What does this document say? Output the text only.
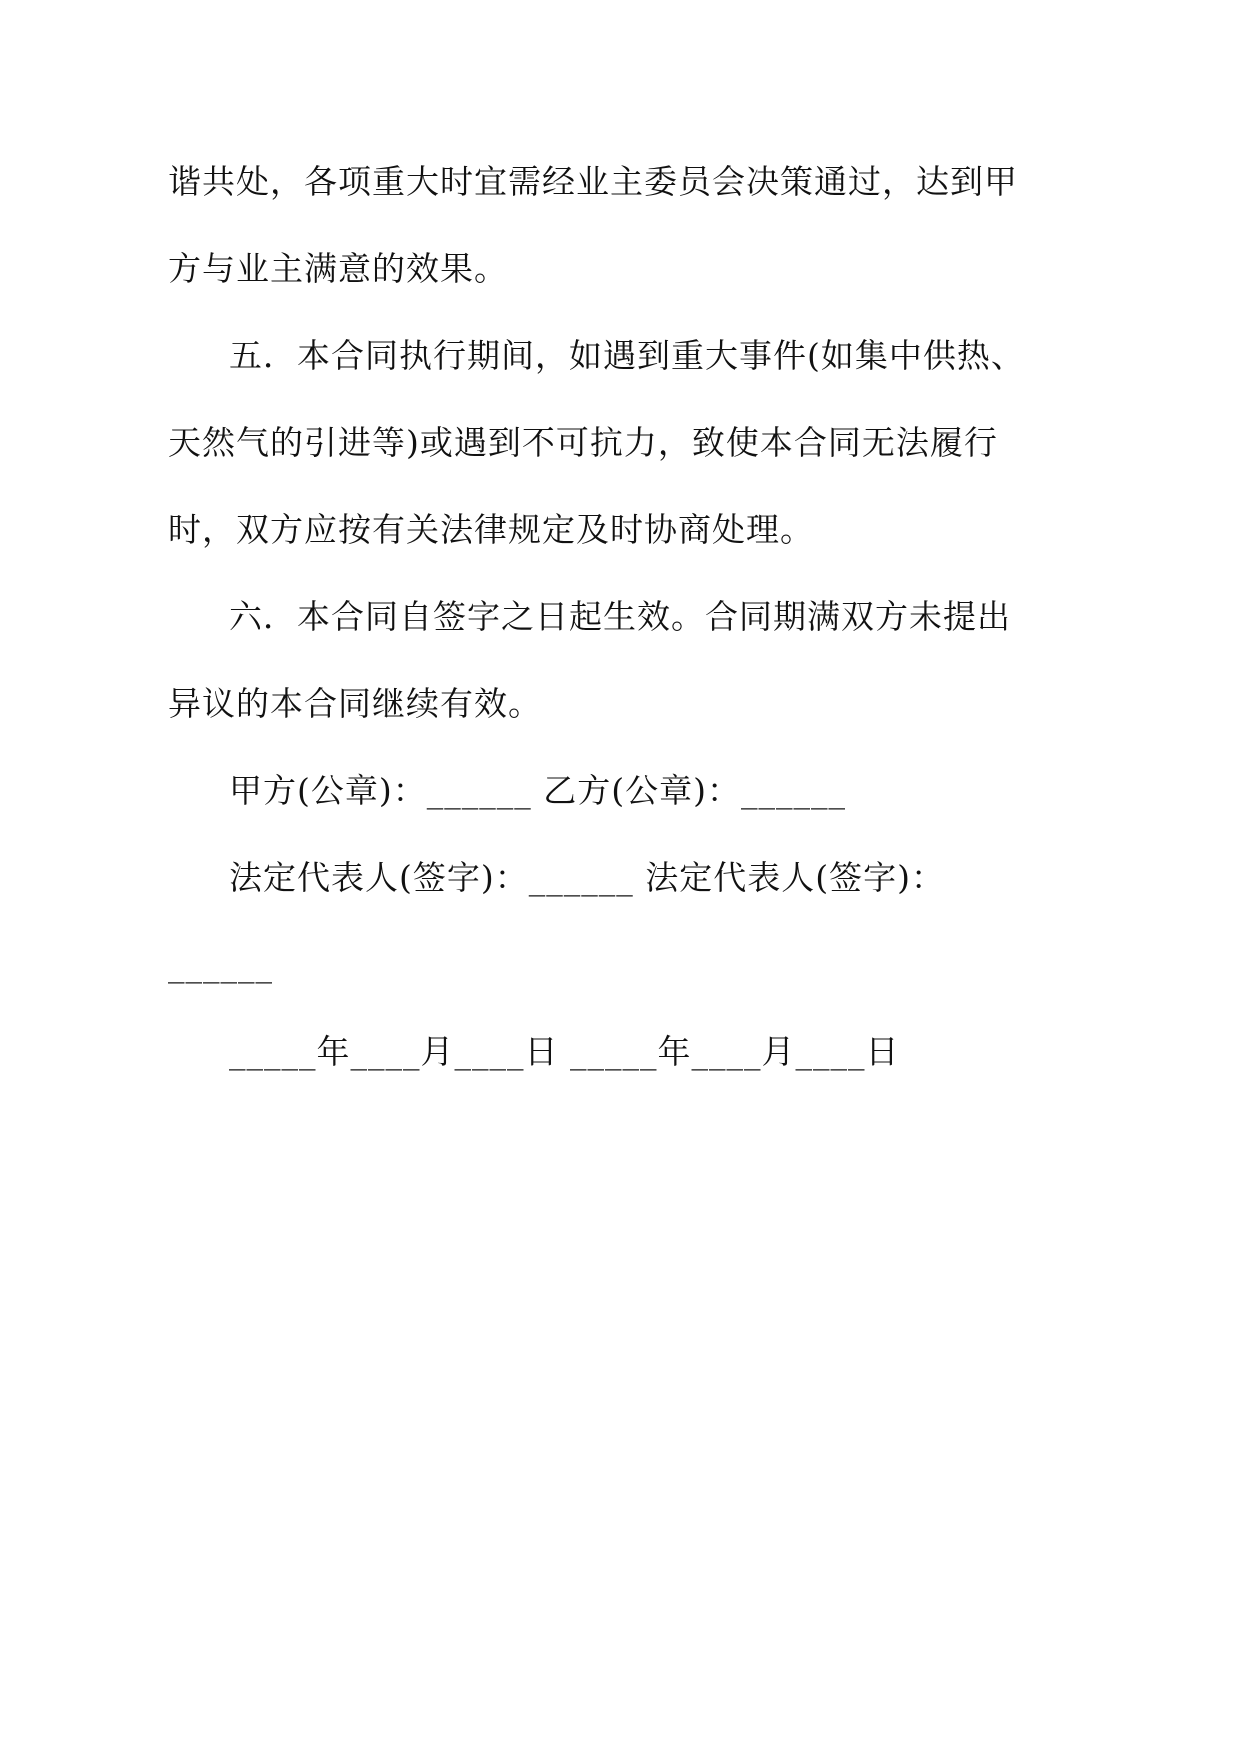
谐共处，各项重大时宜需经业主委员会决策通过，达到甲
方与业主满意的效果。
五．本合同执行期间，如遇到重大事件(如集中供热、
天然气的引进等)或遇到不可抗力，致使本合同无法履行
时，双方应按有关法律规定及时协商处理。
六．本合同自签字之日起生效。合同期满双方未提出
异议的本合同继续有效。
甲方(公章)：______ 乙方(公章)：______
法定代表人(签字)：______ 法定代表人(签字)：
______
_____年____月____日 _____年____月____日
